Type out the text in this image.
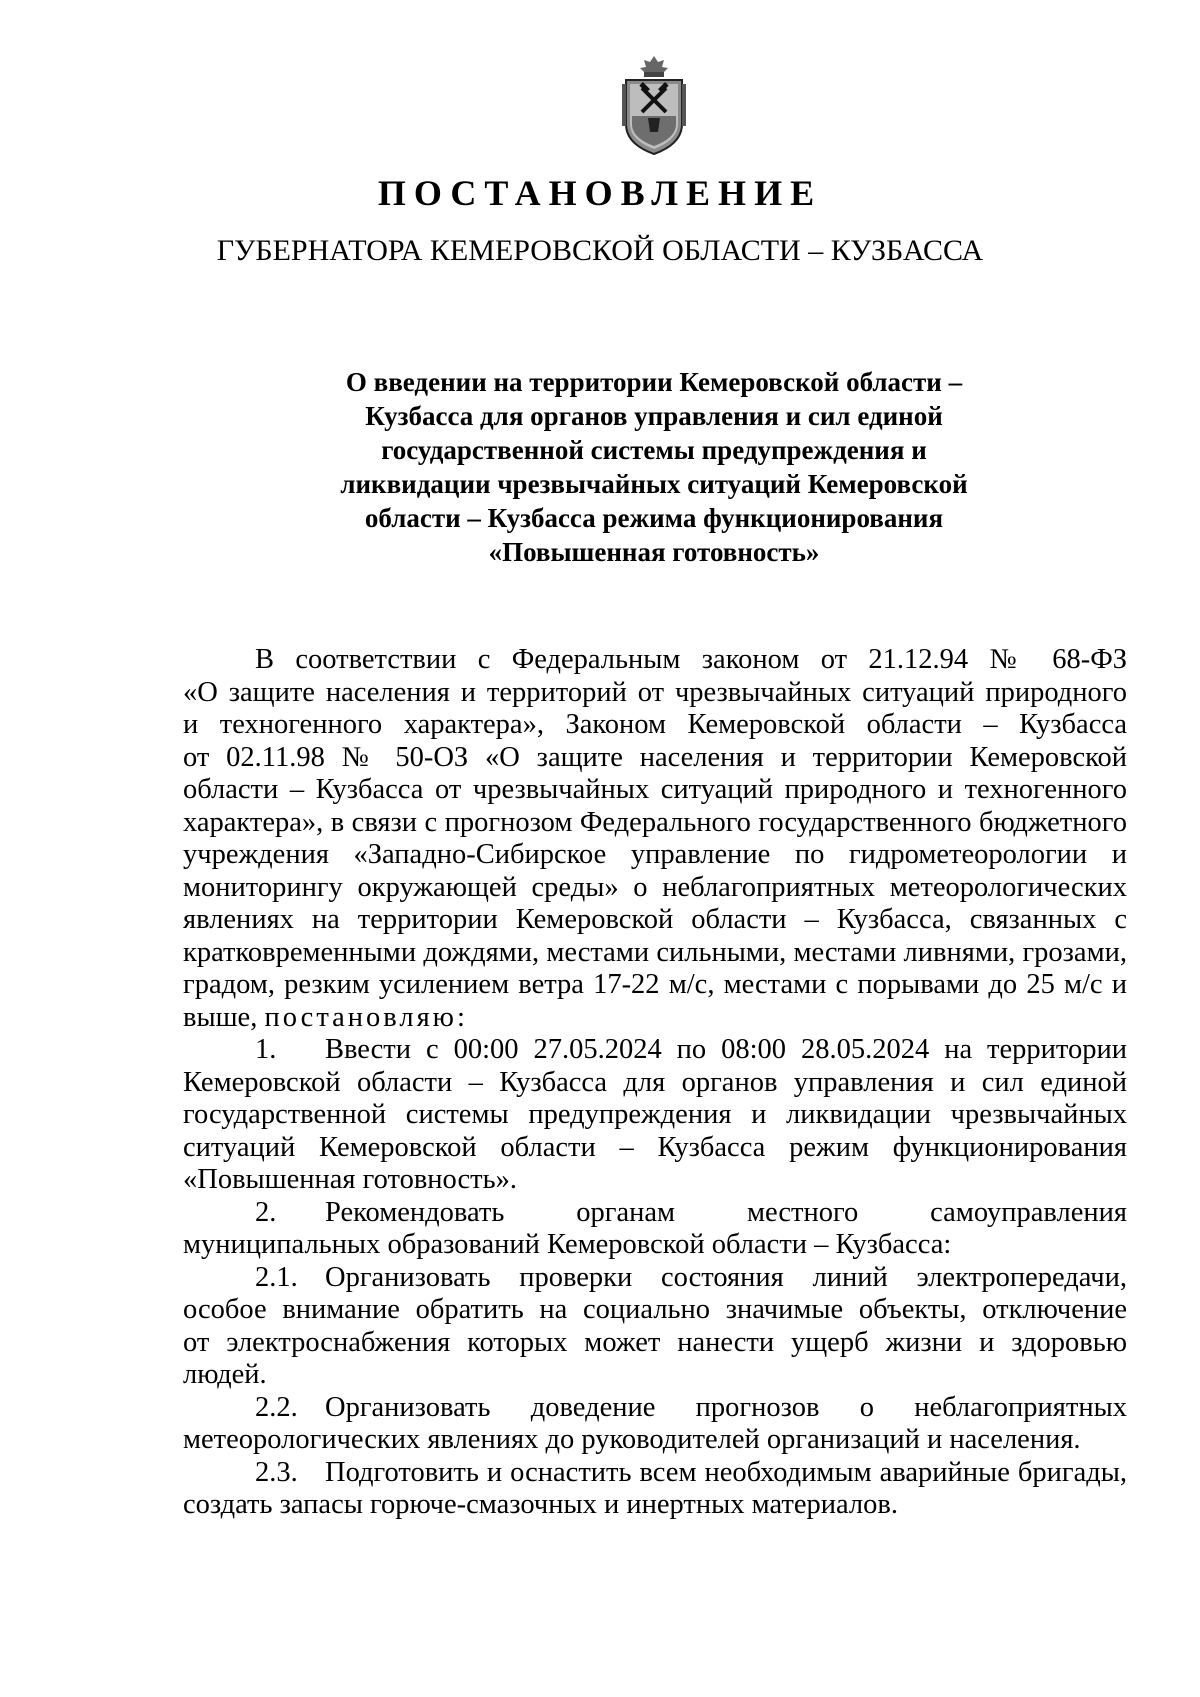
ПОСТАНОВЛЕНИЕ
ГУБЕРНАТОРА КЕМЕРОВСКОЙ ОБЛАСТИ – КУЗБАССА
О введении на территории Кемеровской области –
Кузбасса для органов управления и сил единой
государственной системы предупреждения и
ликвидации чрезвычайных ситуаций Кемеровской
области – Кузбасса режима функционирования
«Повышенная готовность»
В соответствии с Федеральным законом от 21.12.94 № 68-ФЗ
«О защите населения и территорий от чрезвычайных ситуаций природного
и техногенного характера», Законом Кемеровской области – Кузбасса
от 02.11.98 № 50-ОЗ «О защите населения и территории Кемеровской
области – Кузбасса от чрезвычайных ситуаций природного и техногенного
характера», в связи с прогнозом Федерального государственного бюджетного
учреждения «Западно-Сибирское управление по гидрометеорологии и
мониторингу окружающей среды» о неблагоприятных метеорологических
явлениях на территории Кемеровской области – Кузбасса, связанных с
кратковременными дождями, местами сильными, местами ливнями, грозами,
градом, резким усилением ветра 17-22 м/с, местами с порывами до 25 м/с и
выше, постановляю:
1. Ввести с 00:00 27.05.2024 по 08:00 28.05.2024 на территории
Кемеровской области – Кузбасса для органов управления и сил единой
государственной системы предупреждения и ликвидации чрезвычайных
ситуаций Кемеровской области – Кузбасса режим функционирования
«Повышенная готовность».
2. Рекомендовать органам местного самоуправления
муниципальных образований Кемеровской области – Кузбасса:
2.1. Организовать проверки состояния линий электропередачи,
особое внимание обратить на социально значимые объекты, отключение
от электроснабжения которых может нанести ущерб жизни и здоровью
людей.
2.2. Организовать доведение прогнозов о неблагоприятных
метеорологических явлениях до руководителей организаций и населения.
2.3. Подготовить и оснастить всем необходимым аварийные бригады,
создать запасы горюче-смазочных и инертных материалов.
